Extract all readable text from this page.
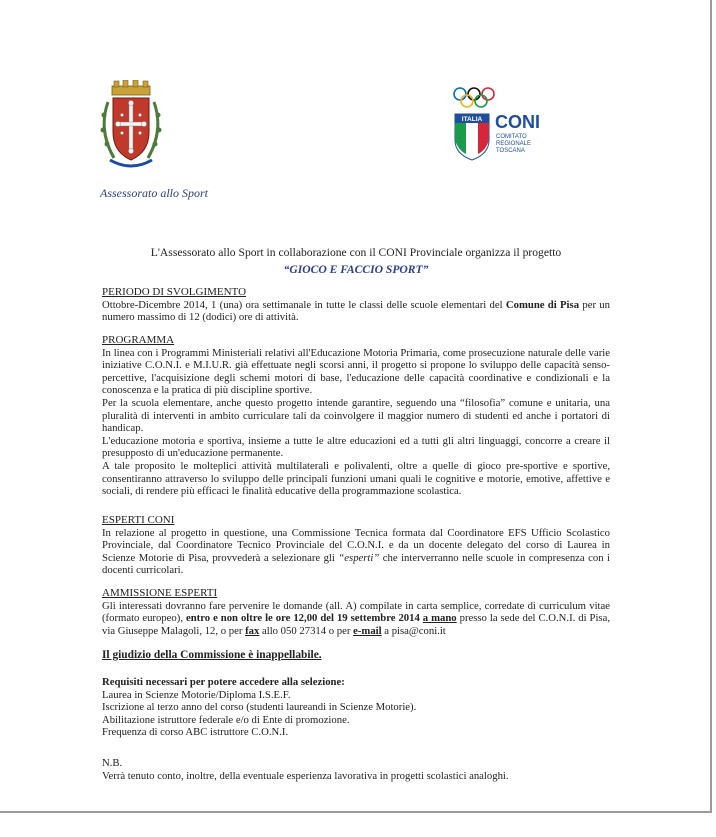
Assessorato allo Sport
ITALIA CONI
COMITATO
REGIONALE
TOSCANA
L'Assessorato allo Sport in collaborazione con il CONI Provinciale organizza il progetto
“GIOCO E FACCIO SPORT”
PERIODO DI SVOLGIMENTO

Ottobre-Dicembre 2014, 1 (una) ora settimanale in tutte le classi delle scuole elementari del Comune di Pisa per un numero massimo di 12 (dodici) ore di attività.

PROGRAMMA

In linea con i Programmi Ministeriali relativi all'Educazione Motoria Primaria, come prosecuzione naturale delle varie iniziative C.O.N.I. e M.I.U.R. già effettuate negli scorsi anni, il progetto si propone lo sviluppo delle capacità senso-percettive, l'acquisizione degli schemi motori di base, l'educazione delle capacità coordinative e condizionali e la conoscenza e la pratica di più discipline sportive.

Per la scuola elementare, anche questo progetto intende garantire, seguendo una “filosofia” comune e unitaria, una pluralità di interventi in ambito curriculare tali da coinvolgere il maggior numero di studenti ed anche i portatori di handicap.

L'educazione motoria e sportiva, insieme a tutte le altre educazioni ed a tutti gli altri linguaggi, concorre a creare il presupposto di un'educazione permanente.

A tale proposito le molteplici attività multilaterali e polivalenti, oltre a quelle di gioco pre-sportive e sportive, consentiranno attraverso lo sviluppo delle principali funzioni umani quali le cognitive e motorie, emotive, affettive e sociali, di rendere più efficaci le finalità educative della programmazione scolastica.

ESPERTI CONI

In relazione al progetto in questione, una Commissione Tecnica formata dal Coordinatore EFS Ufficio Scolastico Provinciale, dal Coordinatore Tecnico Provinciale del C.O.N.I. e da un docente delegato del corso di Laurea in Scienze Motorie di Pisa, provvederà a selezionare gli “esperti” che interverranno nelle scuole in compresenza con i docenti curricolari.

AMMISSIONE ESPERTI

Gli interessati dovranno fare pervenire le domande (all. A) compilate in carta semplice, corredate di curriculum vitae (formato europeo), entro e non oltre le ore 12,00 del 19 settembre 2014 a mano presso la sede del C.O.N.I. di Pisa, via Giuseppe Malagoli, 12, o per fax allo 050 27314 o per e-mail a pisa@coni.it

Il giudizio della Commissione è inappellabile.

Requisiti necessari per potere accedere alla selezione:

Laurea in Scienze Motorie/Diploma I.S.E.F.

Iscrizione al terzo anno del corso (studenti laureandi in Scienze Motorie).

Abilitazione istruttore federale e/o di Ente di promozione.

Frequenza di corso ABC istruttore C.O.N.I.

N.B.

Verrà tenuto conto, inoltre, della eventuale esperienza lavorativa in progetti scolastici analoghi.
